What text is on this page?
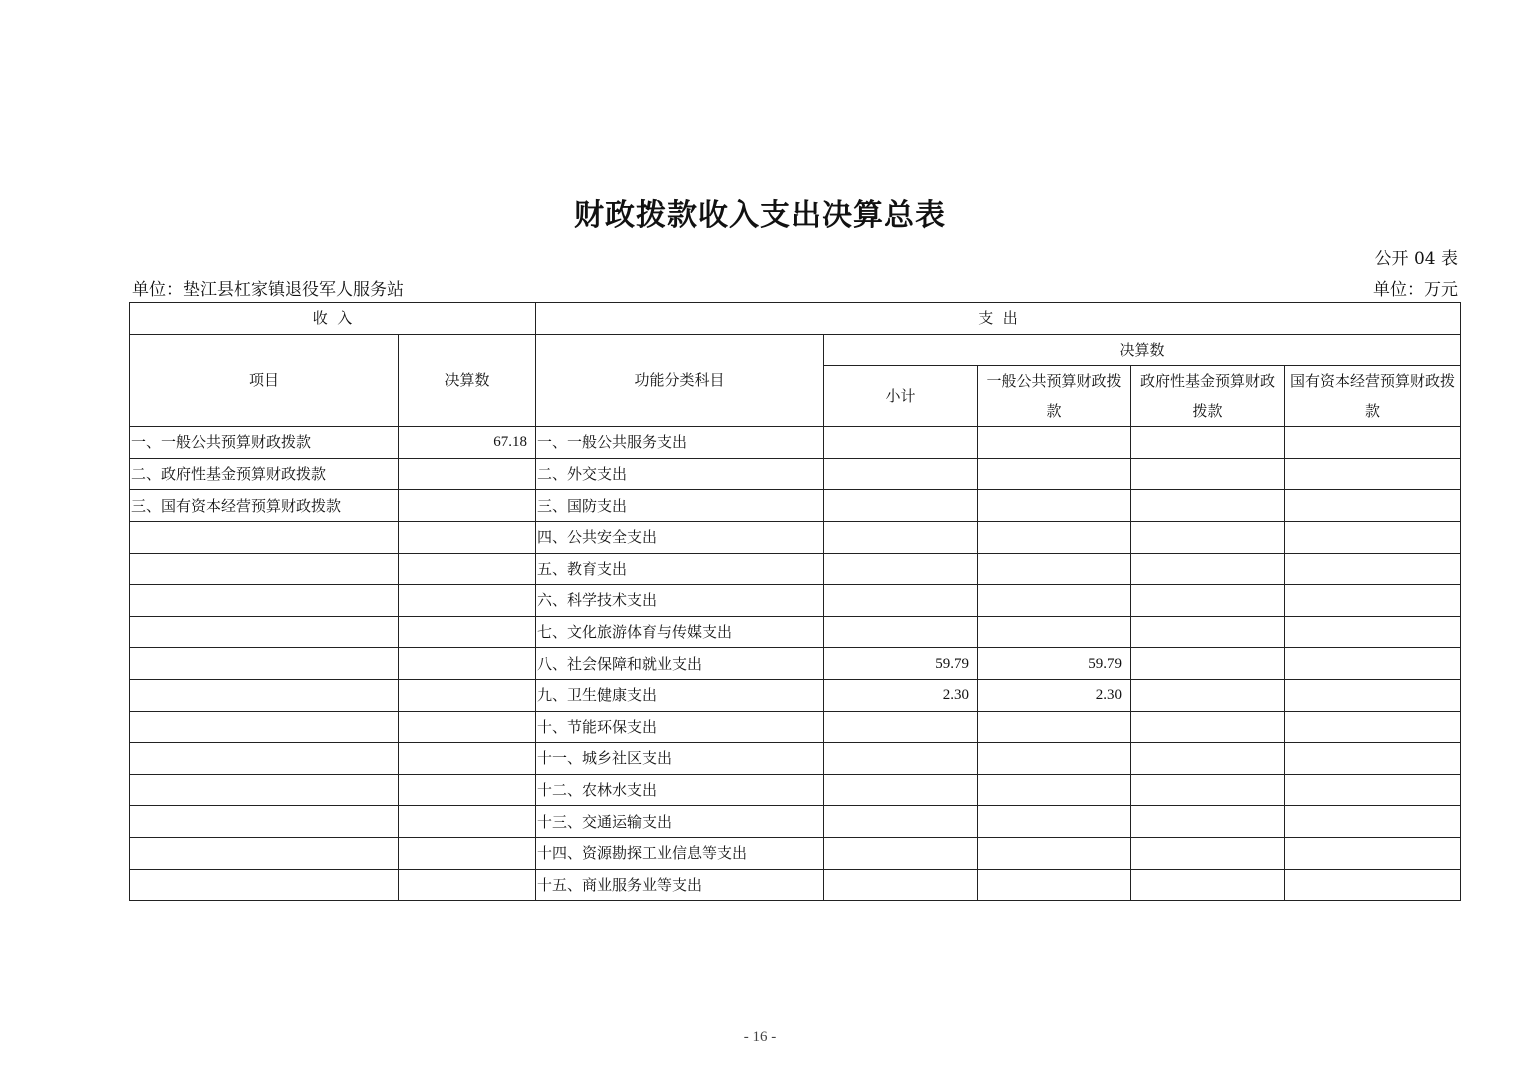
财政拨款收入支出决算总表
公开 04 表
单位：垫江县杠家镇退役军人服务站	单位：万元
收  入		支  出				
项目	决算数	功能分类科目	决算数			
			小计	一般公共预算财政拨款	政府性基金预算财政拨款	国有资本经营预算财政拨款

一、一般公共预算财政拨款	67.18	一、一般公共服务支出				
二、政府性基金预算财政拨款		二、外交支出				
三、国有资本经营预算财政拨款		三、国防支出				
		四、公共安全支出				
		五、教育支出				
		六、科学技术支出				
		七、文化旅游体育与传媒支出				
		八、社会保障和就业支出	59.79	59.79		
		九、卫生健康支出	2.30	2.30		
		十、节能环保支出				
		十一、城乡社区支出				
		十二、农林水支出				
		十三、交通运输支出				
		十四、资源勘探工业信息等支出				
		十五、商业服务业等支出				
- 16 -
